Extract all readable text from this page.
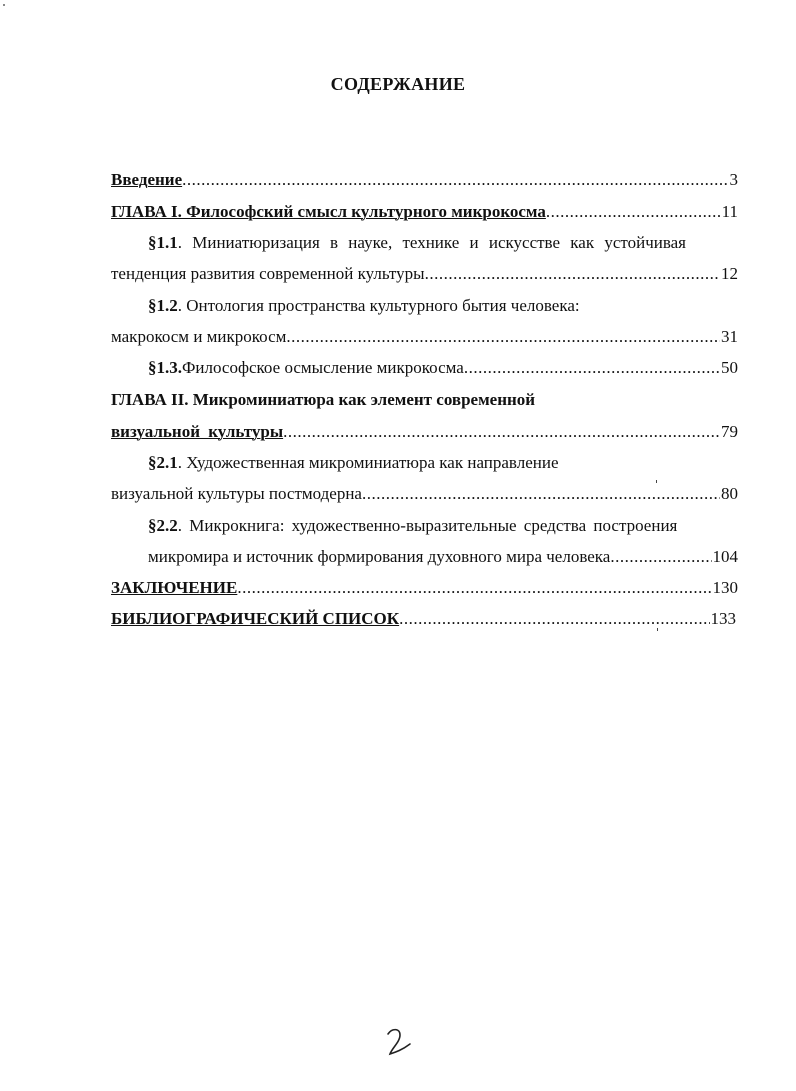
СОДЕРЖАНИЕ
Введение .....	3
ГЛАВА I. Философский смысл культурного микрокосма .....	11
§1.1. Миниатюризация в науке, технике и искусстве как устойчивая
тенденция развития современной культуры .....	12
§1.2 . Онтология пространства культурного бытия человека:
макрокосм и микрокосм .....	31
§1.3. Философское осмысление микрокосма .....	50
ГЛАВА II. Микроминиатюра как элемент современной
визуальной культуры .....	79
§2.1 . Художественная микроминиатюра как направление
визуальной культуры постмодерна .....	80
§2.2 . Микрокнига: художественно-выразительные средства построения
микромира и источник формирования духовного мира человека .....	104
ЗАКЛЮЧЕНИЕ .....	130
БИБЛИОГРАФИЧЕСКИЙ СПИСОК .....	133
